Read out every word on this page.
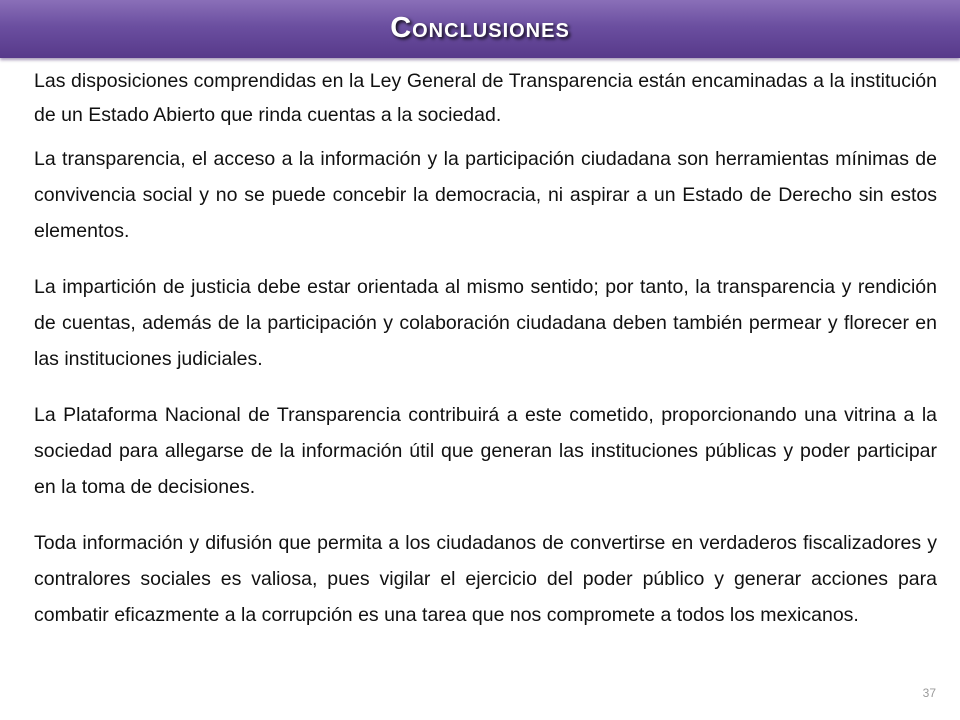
Conclusiones

Las disposiciones comprendidas en la Ley General de Transparencia están encaminadas a la institución de un Estado Abierto que rinda cuentas a la sociedad.

La transparencia, el acceso a la información y la participación ciudadana son herramientas mínimas de convivencia social y no se puede concebir la democracia, ni aspirar a un Estado de Derecho sin estos elementos.

La impartición de justicia debe estar orientada al mismo sentido; por tanto, la transparencia y rendición de cuentas, además de la participación y colaboración ciudadana deben también permear y florecer en las instituciones judiciales.

La Plataforma Nacional de Transparencia contribuirá a este cometido, proporcionando una vitrina a la sociedad para allegarse de la información útil que generan las instituciones públicas y poder participar en la toma de decisiones.

Toda información y difusión que permita a los ciudadanos de convertirse en verdaderos fiscalizadores y contralores sociales es valiosa, pues vigilar el ejercicio del poder público y generar acciones para combatir eficazmente a la corrupción es una tarea que nos compromete a todos los mexicanos.

37
